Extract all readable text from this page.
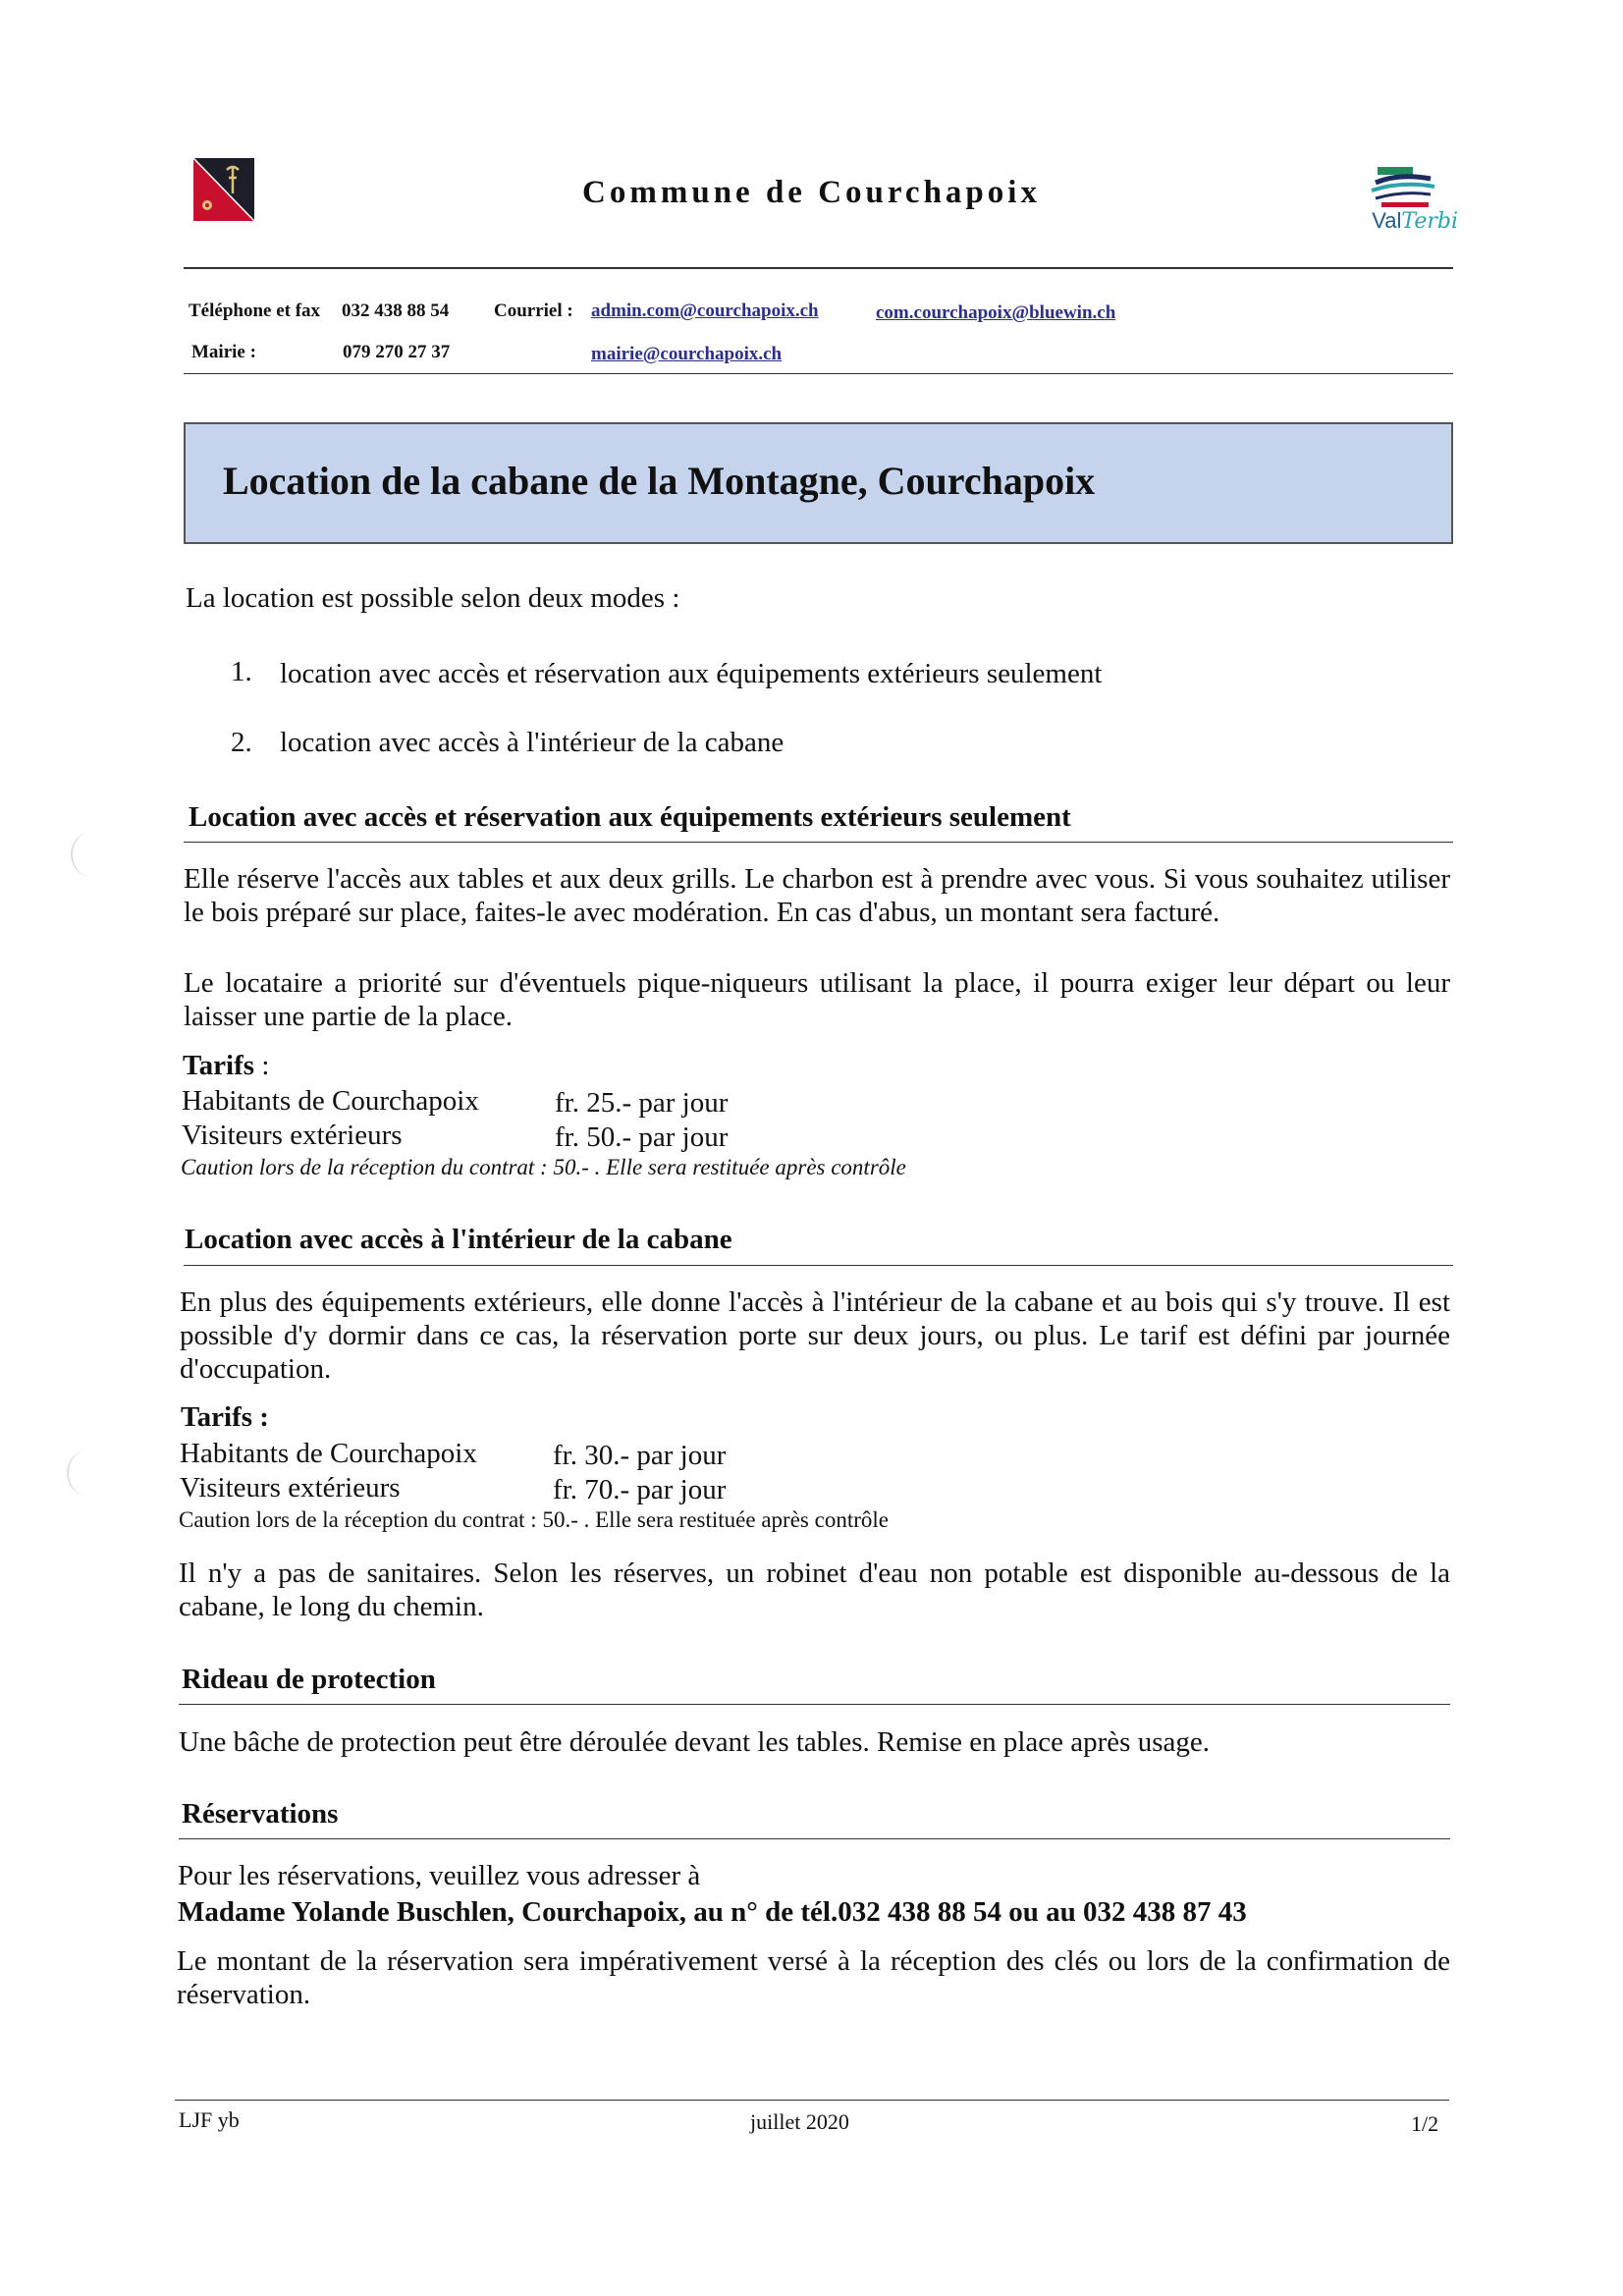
Commune de Courchapoix
ValTerbi
Téléphone et fax 032 438 88 54 Courriel : admin.com@courchapoix.ch	com.courchapoix@bluewin.ch
Mairie :	079 270 27 37	mairie@courchapoix.ch
Location de la cabane de la Montagne, Courchapoix
La location est possible selon deux modes :
1. location avec accès et réservation aux équipements extérieurs seulement
2. location avec accès à l'intérieur de la cabane
Location avec accès et réservation aux équipements extérieurs seulement
Elle réserve l'accès aux tables et aux deux grills. Le charbon est à prendre avec vous. Si vous souhaitez utiliser le bois préparé sur place, faites-le avec modération. En cas d'abus, un montant sera facturé.
Le locataire a priorité sur d'éventuels pique-niqueurs utilisant la place, il pourra exiger leur départ ou leur laisser une partie de la place.
Tarifs :
Habitants de Courchapoix	fr. 25.- par jour
Visiteurs extérieurs	fr. 50.- par jour
Caution lors de la réception du contrat : 50.- . Elle sera restituée après contrôle
Location avec accès à l'intérieur de la cabane
En plus des équipements extérieurs, elle donne l'accès à l'intérieur de la cabane et au bois qui s'y trouve. Il est possible d'y dormir dans ce cas, la réservation porte sur deux jours, ou plus. Le tarif est défini par journée d'occupation.
Tarifs :
Habitants de Courchapoix	fr. 30.- par jour
Visiteurs extérieurs	fr. 70.- par jour
Caution lors de la réception du contrat : 50.- . Elle sera restituée après contrôle
Il n'y a pas de sanitaires. Selon les réserves, un robinet d'eau non potable est disponible au-dessous de la cabane, le long du chemin.
Rideau de protection
Une bâche de protection peut être déroulée devant les tables. Remise en place après usage.
Réservations
Pour les réservations, veuillez vous adresser à
Madame Yolande Buschlen, Courchapoix, au n° de tél.032 438 88 54 ou au 032 438 87 43
Le montant de la réservation sera impérativement versé à la réception des clés ou lors de la confirmation de réservation.
LJF yb	juillet 2020	1/2
